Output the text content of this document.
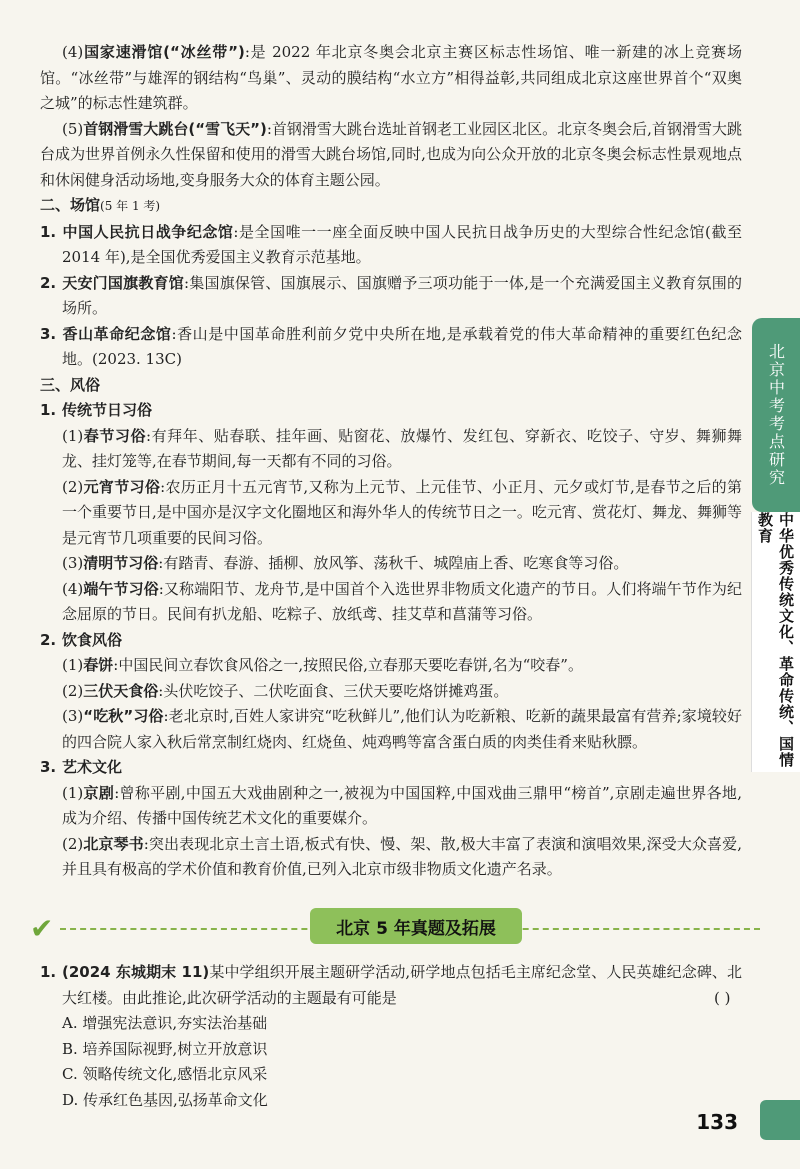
(4)国家速滑馆(“冰丝带”):是 2022 年北京冬奥会北京主赛区标志性场馆、唯一新建的冰上竞赛场馆。“冰丝带”与雄浑的钢结构“鸟巢”、灵动的膜结构“水立方”相得益彰,共同组成北京这座世界首个“双奥之城”的标志性建筑群。

(5)首钢滑雪大跳台(“雪飞天”):首钢滑雪大跳台选址首钢老工业园区北区。北京冬奥会后,首钢滑雪大跳台成为世界首例永久性保留和使用的滑雪大跳台场馆,同时,也成为向公众开放的北京冬奥会标志性景观地点和休闲健身活动场地,变身服务大众的体育主题公园。

二、场馆(5 年 1 考)

1. 中国人民抗日战争纪念馆:是全国唯一一座全面反映中国人民抗日战争历史的大型综合性纪念馆(截至 2014 年),是全国优秀爱国主义教育示范基地。

2. 天安门国旗教育馆:集国旗保管、国旗展示、国旗赠予三项功能于一体,是一个充满爱国主义教育氛围的场所。

3. 香山革命纪念馆:香山是中国革命胜利前夕党中央所在地,是承载着党的伟大革命精神的重要红色纪念地。(2023. 13C)

三、风俗

1. 传统节日习俗

(1)春节习俗:有拜年、贴春联、挂年画、贴窗花、放爆竹、发红包、穿新衣、吃饺子、守岁、舞狮舞龙、挂灯笼等,在春节期间,每一天都有不同的习俗。

(2)元宵节习俗:农历正月十五元宵节,又称为上元节、上元佳节、小正月、元夕或灯节,是春节之后的第一个重要节日,是中国亦是汉字文化圈地区和海外华人的传统节日之一。吃元宵、赏花灯、舞龙、舞狮等是元宵节几项重要的民间习俗。

(3)清明节习俗:有踏青、春游、插柳、放风筝、荡秋千、城隍庙上香、吃寒食等习俗。

(4)端午节习俗:又称端阳节、龙舟节,是中国首个入选世界非物质文化遗产的节日。人们将端午节作为纪念屈原的节日。民间有扒龙船、吃粽子、放纸鸢、挂艾草和菖蒲等习俗。

2. 饮食风俗

(1)春饼:中国民间立春饮食风俗之一,按照民俗,立春那天要吃春饼,名为“咬春”。

(2)三伏天食俗:头伏吃饺子、二伏吃面食、三伏天要吃烙饼摊鸡蛋。

(3)“吃秋”习俗:老北京时,百姓人家讲究“吃秋鲜儿”,他们认为吃新粮、吃新的蔬果最富有营养;家境较好的四合院人家入秋后常烹制红烧肉、红烧鱼、炖鸡鸭等富含蛋白质的肉类佳肴来贴秋膘。

3. 艺术文化

(1)京剧:曾称平剧,中国五大戏曲剧种之一,被视为中国国粹,中国戏曲三鼎甲“榜首”,京剧走遍世界各地,成为介绍、传播中国传统艺术文化的重要媒介。

(2)北京琴书:突出表现北京土言土语,板式有快、慢、架、散,极大丰富了表演和演唱效果,深受大众喜爱,并且具有极高的学术价值和教育价值,已列入北京市级非物质文化遗产名录。

北京中考考点研究
中华优秀传统文化、革命传统、国情教育
✔	北京 5 年真题及拓展

1. (2024 东城期末 11)某中学组织开展主题研学活动,研学地点包括毛主席纪念堂、人民英雄纪念碑、北大红楼。由此推论,此次研学活动的主题最有可能是	( )

A. 增强宪法意识,夯实法治基础

B. 培养国际视野,树立开放意识

C. 领略传统文化,感悟北京风采

D. 传承红色基因,弘扬革命文化

133
